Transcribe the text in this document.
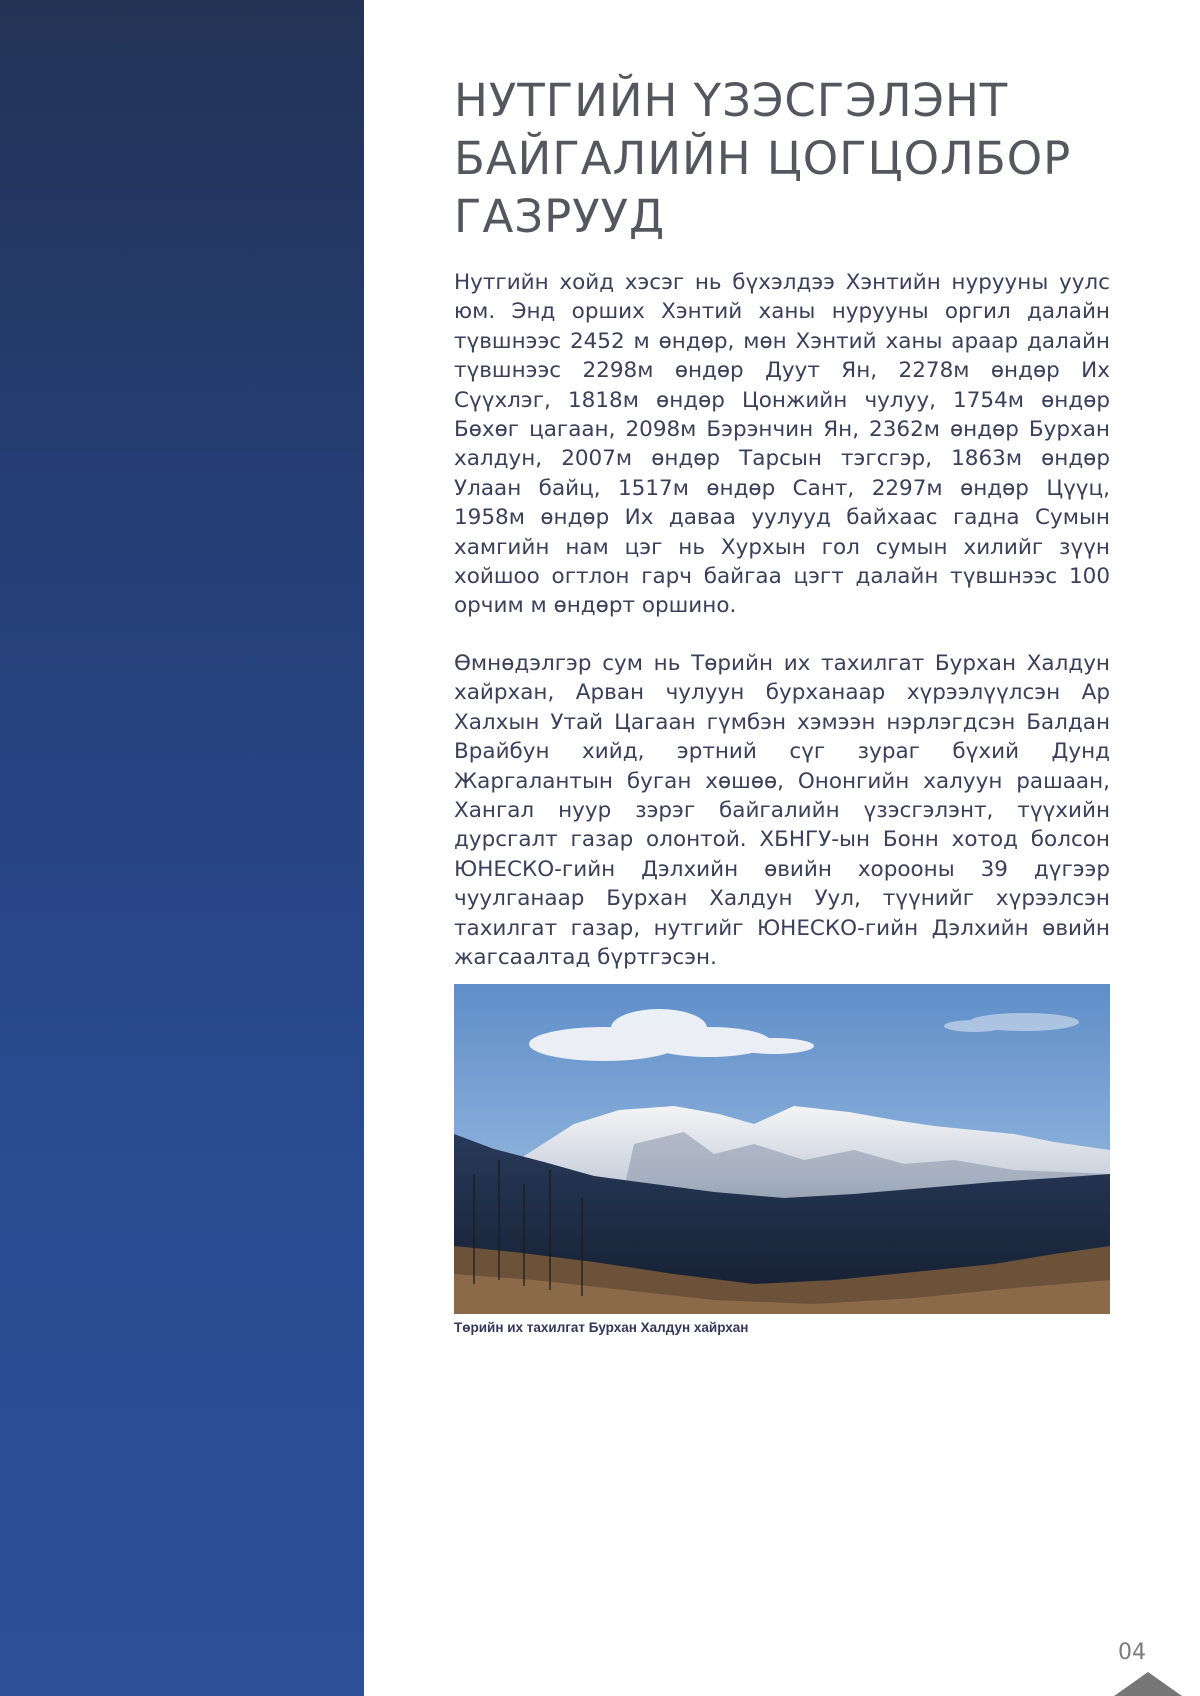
НУТГИЙН ҮЗЭСГЭЛЭНТ БАЙГАЛИЙН ЦОГЦОЛБОР ГАЗРУУД

Нутгийн хойд хэсэг нь бүхэлдээ Хэнтийн нурууны уулс юм. Энд орших Хэнтий ханы нурууны оргил далайн түвшнээс 2452 м өндөр, мөн Хэнтий ханы араар далайн түвшнээс 2298м өндөр Дуут Ян, 2278м өндөр Их Сүүхлэг, 1818м өндөр Цонжийн чулуу, 1754м өндөр Бөхөг цагаан, 2098м Бэрэнчин Ян, 2362м өндөр Бурхан халдун, 2007м өндөр Тарсын тэгсгэр, 1863м өндөр Улаан байц, 1517м өндөр Сант, 2297м өндөр Цүүц, 1958м өндөр Их даваа уулууд байхаас гадна Сумын хамгийн нам цэг нь Хурхын гол сумын хилийг зүүн хойшоо огтлон гарч байгаа цэгт далайн түвшнээс 100 орчим м өндөрт оршино.

Өмнөдэлгэр сум нь Төрийн их тахилгат Бурхан Халдун хайрхан, Арван чулуун бурханаар хүрээлүүлсэн Ар Халхын Утай Цагаан гүмбэн хэмээн нэрлэгдсэн Балдан Врайбун хийд, эртний сүг зураг бүхий Дунд Жаргалантын буган хөшөө, Ононгийн халуун рашаан, Хангал нуур зэрэг байгалийн үзэсгэлэнт, түүхийн дурсгалт газар олонтой. ХБНГУ-ын Бонн хотод болсон ЮНЕСКО-гийн Дэлхийн өвийн хорооны 39 дүгээр чуулганаар Бурхан Халдун Уул, түүнийг хүрээлсэн тахилгат газар, нутгийг ЮНЕСКО-гийн Дэлхийн өвийн жагсаалтад бүртгэсэн.

Төрийн их тахилгат Бурхан Халдун хайрхан
04
